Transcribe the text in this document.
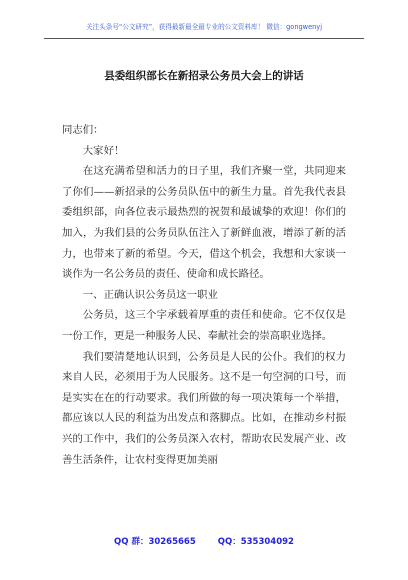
关注头条号“公文研究”，获得最新最全最专业的公文资料库！ 微信：gongwenyj
县委组织部长在新招录公务员大会上的讲话

同志们：

大家好！

在这充满希望和活力的日子里，我们齐聚一堂，共同迎来了你们——新招录的公务员队伍中的新生力量。首先我代表县委组织部，向各位表示最热烈的祝贺和最诚挚的欢迎！你们的加入，为我们县的公务员队伍注入了新鲜血液，增添了新的活力，也带来了新的希望。今天，借这个机会，我想和大家谈一谈作为一名公务员的责任、使命和成长路径。

一、正确认识公务员这一职业

公务员，这三个字承载着厚重的责任和使命。它不仅仅是一份工作，更是一种服务人民、奉献社会的崇高职业选择。

我们要清楚地认识到，公务员是人民的公仆。我们的权力来自人民，必须用于为人民服务。这不是一句空洞的口号，而是实实在在的行动要求。我们所做的每一项决策每一个举措，都应该以人民的利益为出发点和落脚点。比如，在推动乡村振兴的工作中，我们的公务员深入农村，帮助农民发展产业、改善生活条件，让农村变得更加美丽

QQ 群：30265665	QQ：535304092
